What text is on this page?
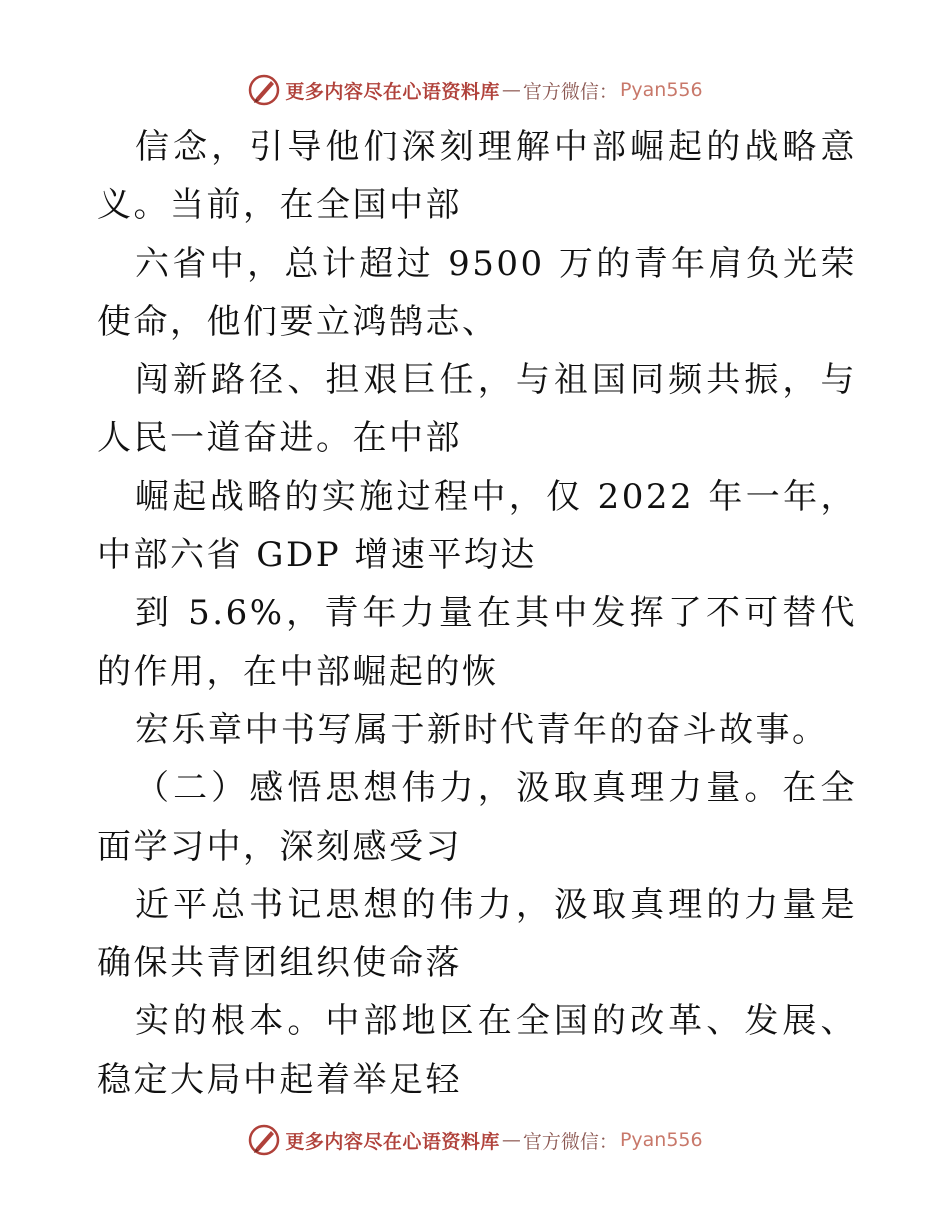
更多内容尽在心语资料库 — 官方微信： Pyan556

信念，引导他们深刻理解中部崛起的战略意义。当前，在全国中部

六省中，总计超过 9500 万的青年肩负光荣使命，他们要立鸿鹄志、

闯新路径、担艰巨任，与祖国同频共振，与人民一道奋进。在中部

崛起战略的实施过程中，仅 2022 年一年，中部六省 GDP 增速平均达

到 5.6%，青年力量在其中发挥了不可替代的作用，在中部崛起的恢

宏乐章中书写属于新时代青年的奋斗故事。

（二）感悟思想伟力，汲取真理力量。在全面学习中，深刻感受习

近平总书记思想的伟力，汲取真理的力量是确保共青团组织使命落

实的根本。中部地区在全国的改革、发展、稳定大局中起着举足轻

更多内容尽在心语资料库 — 官方微信： Pyan556
